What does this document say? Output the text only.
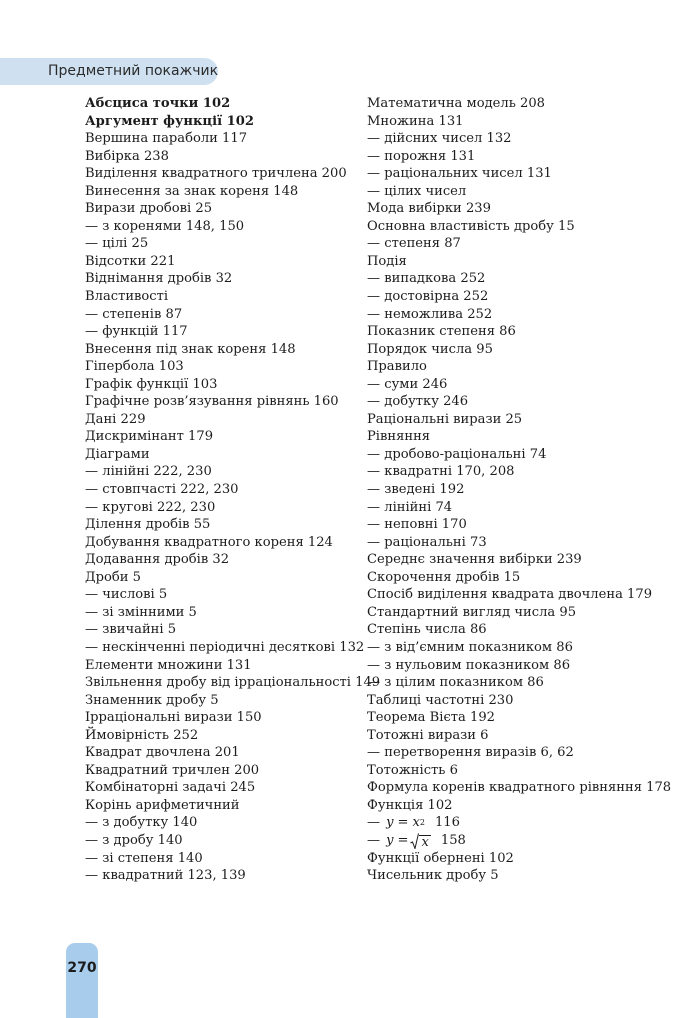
Предметний покажчик
Абсциса точки 102
Аргумент функції 102
Вершина параболи 117
Вибірка 238
Виділення квадратного тричлена 200
Винесення за знак кореня 148
Вирази дробові 25
— з коренями 148, 150
— цілі 25
Відсотки 221
Віднімання дробів 32
Властивості
— степенів 87
— функцій 117
Внесення під знак кореня 148
Гіпербола 103
Графік функції 103
Графічне розв’язування рівнянь 160
Дані 229
Дискримінант 179
Діаграми
— лінійні 222, 230
— стовпчасті 222, 230
— кругові 222, 230
Ділення дробів 55
Добування квадратного кореня 124
Додавання дробів 32
Дроби 5
— числові 5
— зі змінними 5
— звичайні 5
— нескінченні періодичні десяткові 132
Елементи множини 131
Звільнення дробу від ірраціональності 149
Знаменник дробу 5
Ірраціональні вирази 150
Ймовірність 252
Квадрат двочлена 201
Квадратний тричлен 200
Комбінаторні задачі 245
Корінь арифметичний
— з добутку 140
— з дробу 140
— зі степеня 140
— квадратний 123, 139
Математична модель 208
Множина 131
— дійсних чисел 132
— порожня 131
— раціональних чисел 131
— цілих чисел
Мода вибірки 239
Основна властивість дробу 15
— степеня 87
Подія
— випадкова 252
— достовірна 252
— неможлива 252
Показник степеня 86
Порядок числа 95
Правило
— суми 246
— добутку 246
Раціональні вирази 25
Рівняння
— дробово-раціональні 74
— квадратні 170, 208
— зведені 192
— лінійні 74
— неповні 170
— раціональні 73
Середнє значення вибірки 239
Скорочення дробів 15
Спосіб виділення квадрата двочлена 179
Стандартний вигляд числа 95
Степінь числа 86
— з від’ємним показником 86
— з нульовим показником 86
— з цілим показником 86
Таблиці частотні 230
Теорема Вієта 192
Тотожні вирази 6
— перетворення виразів 6, 62
Тотожність 6
Формула коренів квадратного рівняння 178
Функція 102
— y = x 2 116
— y = x 158
Функції обернені 102
Чисельник дробу 5
270
